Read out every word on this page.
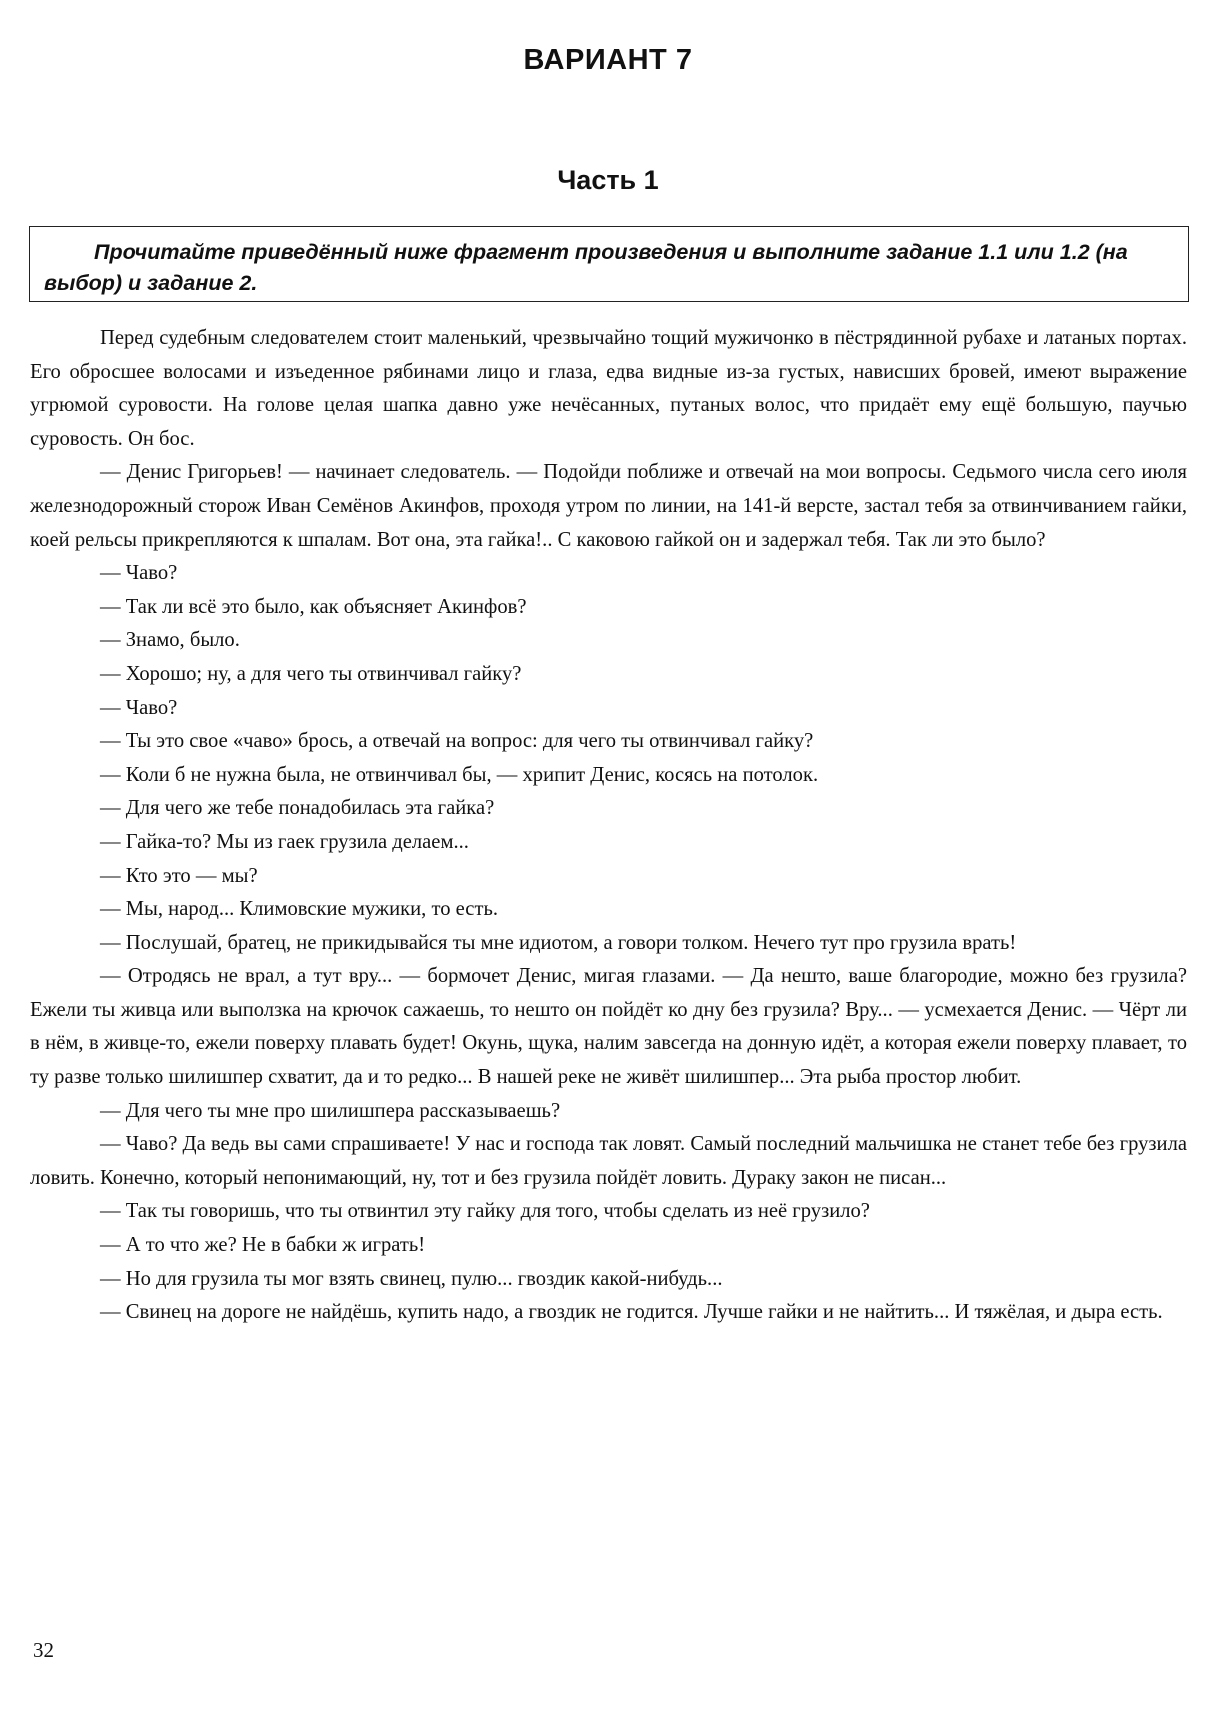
ВАРИАНТ 7
Часть 1
Прочитайте приведённый ниже фрагмент произведения и выполните задание 1.1 или 1.2 (на выбор) и задание 2.

Перед судебным следователем стоит маленький, чрезвычайно тощий мужичонко в пёстрядинной рубахе и латаных портах. Его обросшее волосами и изъеденное рябинами лицо и глаза, едва видные из-за густых, нависших бровей, имеют выражение угрюмой суровости. На голове целая шапка давно уже нечёсанных, путаных волос, что придаёт ему ещё большую, паучью суровость. Он бос.

— Денис Григорьев! — начинает следователь. — Подойди поближе и отвечай на мои вопросы. Седьмого числа сего июля железнодорожный сторож Иван Семёнов Акинфов, проходя утром по линии, на 141-й версте, застал тебя за отвинчиванием гайки, коей рельсы прикрепляются к шпалам. Вот она, эта гайка!.. С каковою гайкой он и задержал тебя. Так ли это было?

— Чаво?

— Так ли всё это было, как объясняет Акинфов?

— Знамо, было.

— Хорошо; ну, а для чего ты отвинчивал гайку?

— Чаво?

— Ты это свое «чаво» брось, а отвечай на вопрос: для чего ты отвинчивал гайку?

— Коли б не нужна была, не отвинчивал бы, — хрипит Денис, косясь на потолок.

— Для чего же тебе понадобилась эта гайка?

— Гайка-то? Мы из гаек грузила делаем...

— Кто это — мы?

— Мы, народ... Климовские мужики, то есть.

— Послушай, братец, не прикидывайся ты мне идиотом, а говори толком. Нечего тут про грузила врать!

— Отродясь не врал, а тут вру... — бормочет Денис, мигая глазами. — Да нешто, ваше благородие, можно без грузила? Ежели ты живца или выползка на крючок сажаешь, то нешто он пойдёт ко дну без грузила? Вру... — усмехается Денис. — Чёрт ли в нём, в живце-то, ежели поверху плавать будет! Окунь, щука, налим завсегда на донную идёт, а которая ежели поверху плавает, то ту разве только шилишпер схватит, да и то редко... В нашей реке не живёт шилишпер... Эта рыба простор любит.

— Для чего ты мне про шилишпера рассказываешь?

— Чаво? Да ведь вы сами спрашиваете! У нас и господа так ловят. Самый последний мальчишка не станет тебе без грузила ловить. Конечно, который непонимающий, ну, тот и без грузила пойдёт ловить. Дураку закон не писан...

— Так ты говоришь, что ты отвинтил эту гайку для того, чтобы сделать из неё грузило?

— А то что же? Не в бабки ж играть!

— Но для грузила ты мог взять свинец, пулю... гвоздик какой-нибудь...

— Свинец на дороге не найдёшь, купить надо, а гвоздик не годится. Лучше гайки и не найтить... И тяжёлая, и дыра есть.

32
